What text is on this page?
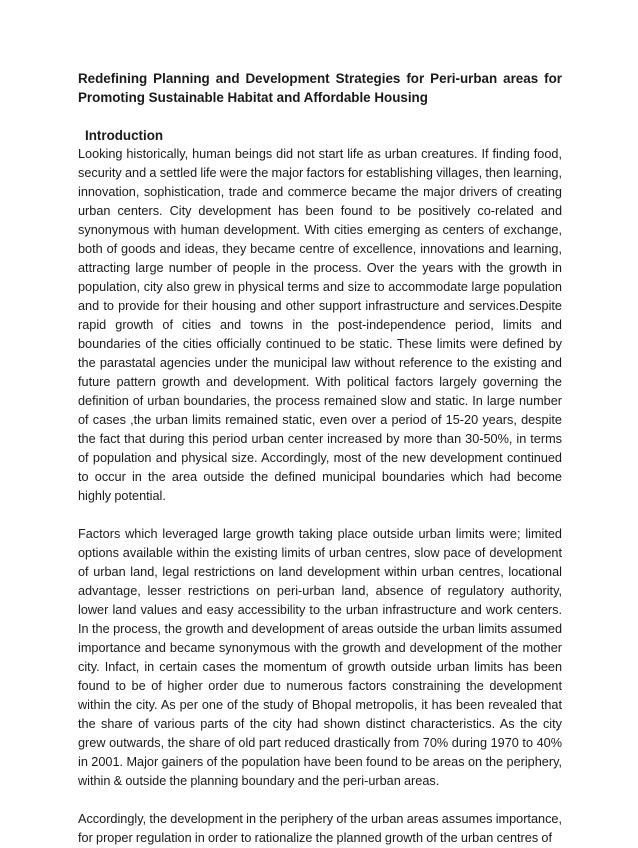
Redefining Planning and Development Strategies for Peri-urban areas for Promoting Sustainable Habitat and Affordable Housing

Introduction

Looking historically, human beings did not start life as urban creatures. If finding food, security and a settled life were the major factors for establishing villages, then learning, innovation, sophistication, trade and commerce became the major drivers of creating urban centers. City development has been found to be positively co-related and synonymous with human development. With cities emerging as centers of exchange, both of goods and ideas, they became centre of excellence, innovations and learning, attracting large number of people in the process. Over the years with the growth in population, city also grew in physical terms and size to accommodate large population and to provide for their housing and other support infrastructure and services.Despite rapid growth of cities and towns in the post-independence period, limits and boundaries of the cities officially continued to be static. These limits were defined by the parastatal agencies under the municipal law without reference to the existing and future pattern growth and development. With political factors largely governing the definition of urban boundaries, the process remained slow and static. In large number of cases ,the urban limits remained static, even over a period of 15-20 years, despite the fact that during this period urban center increased by more than 30-50%, in terms of population and physical size. Accordingly, most of the new development continued to occur in the area outside the defined municipal boundaries which had become highly potential.

Factors which leveraged large growth taking place outside urban limits were; limited options available within the existing limits of urban centres, slow pace of development of urban land, legal restrictions on land development within urban centres, locational advantage, lesser restrictions on peri-urban land, absence of regulatory authority, lower land values and easy accessibility to the urban infrastructure and work centers. In the process, the growth and development of areas outside the urban limits assumed importance and became synonymous with the growth and development of the mother city. Infact, in certain cases the momentum of growth outside urban limits has been found to be of higher order due to numerous factors constraining the development within the city. As per one of the study of Bhopal metropolis, it has been revealed that the share of various parts of the city had shown distinct characteristics. As the city grew outwards, the share of old part reduced drastically from 70% during 1970 to 40% in 2001. Major gainers of the population have been found to be areas on the periphery, within & outside the planning boundary and the peri-urban areas.

Accordingly, the development in the periphery of the urban areas assumes importance, for proper regulation in order to rationalize the planned growth of the urban centres of
